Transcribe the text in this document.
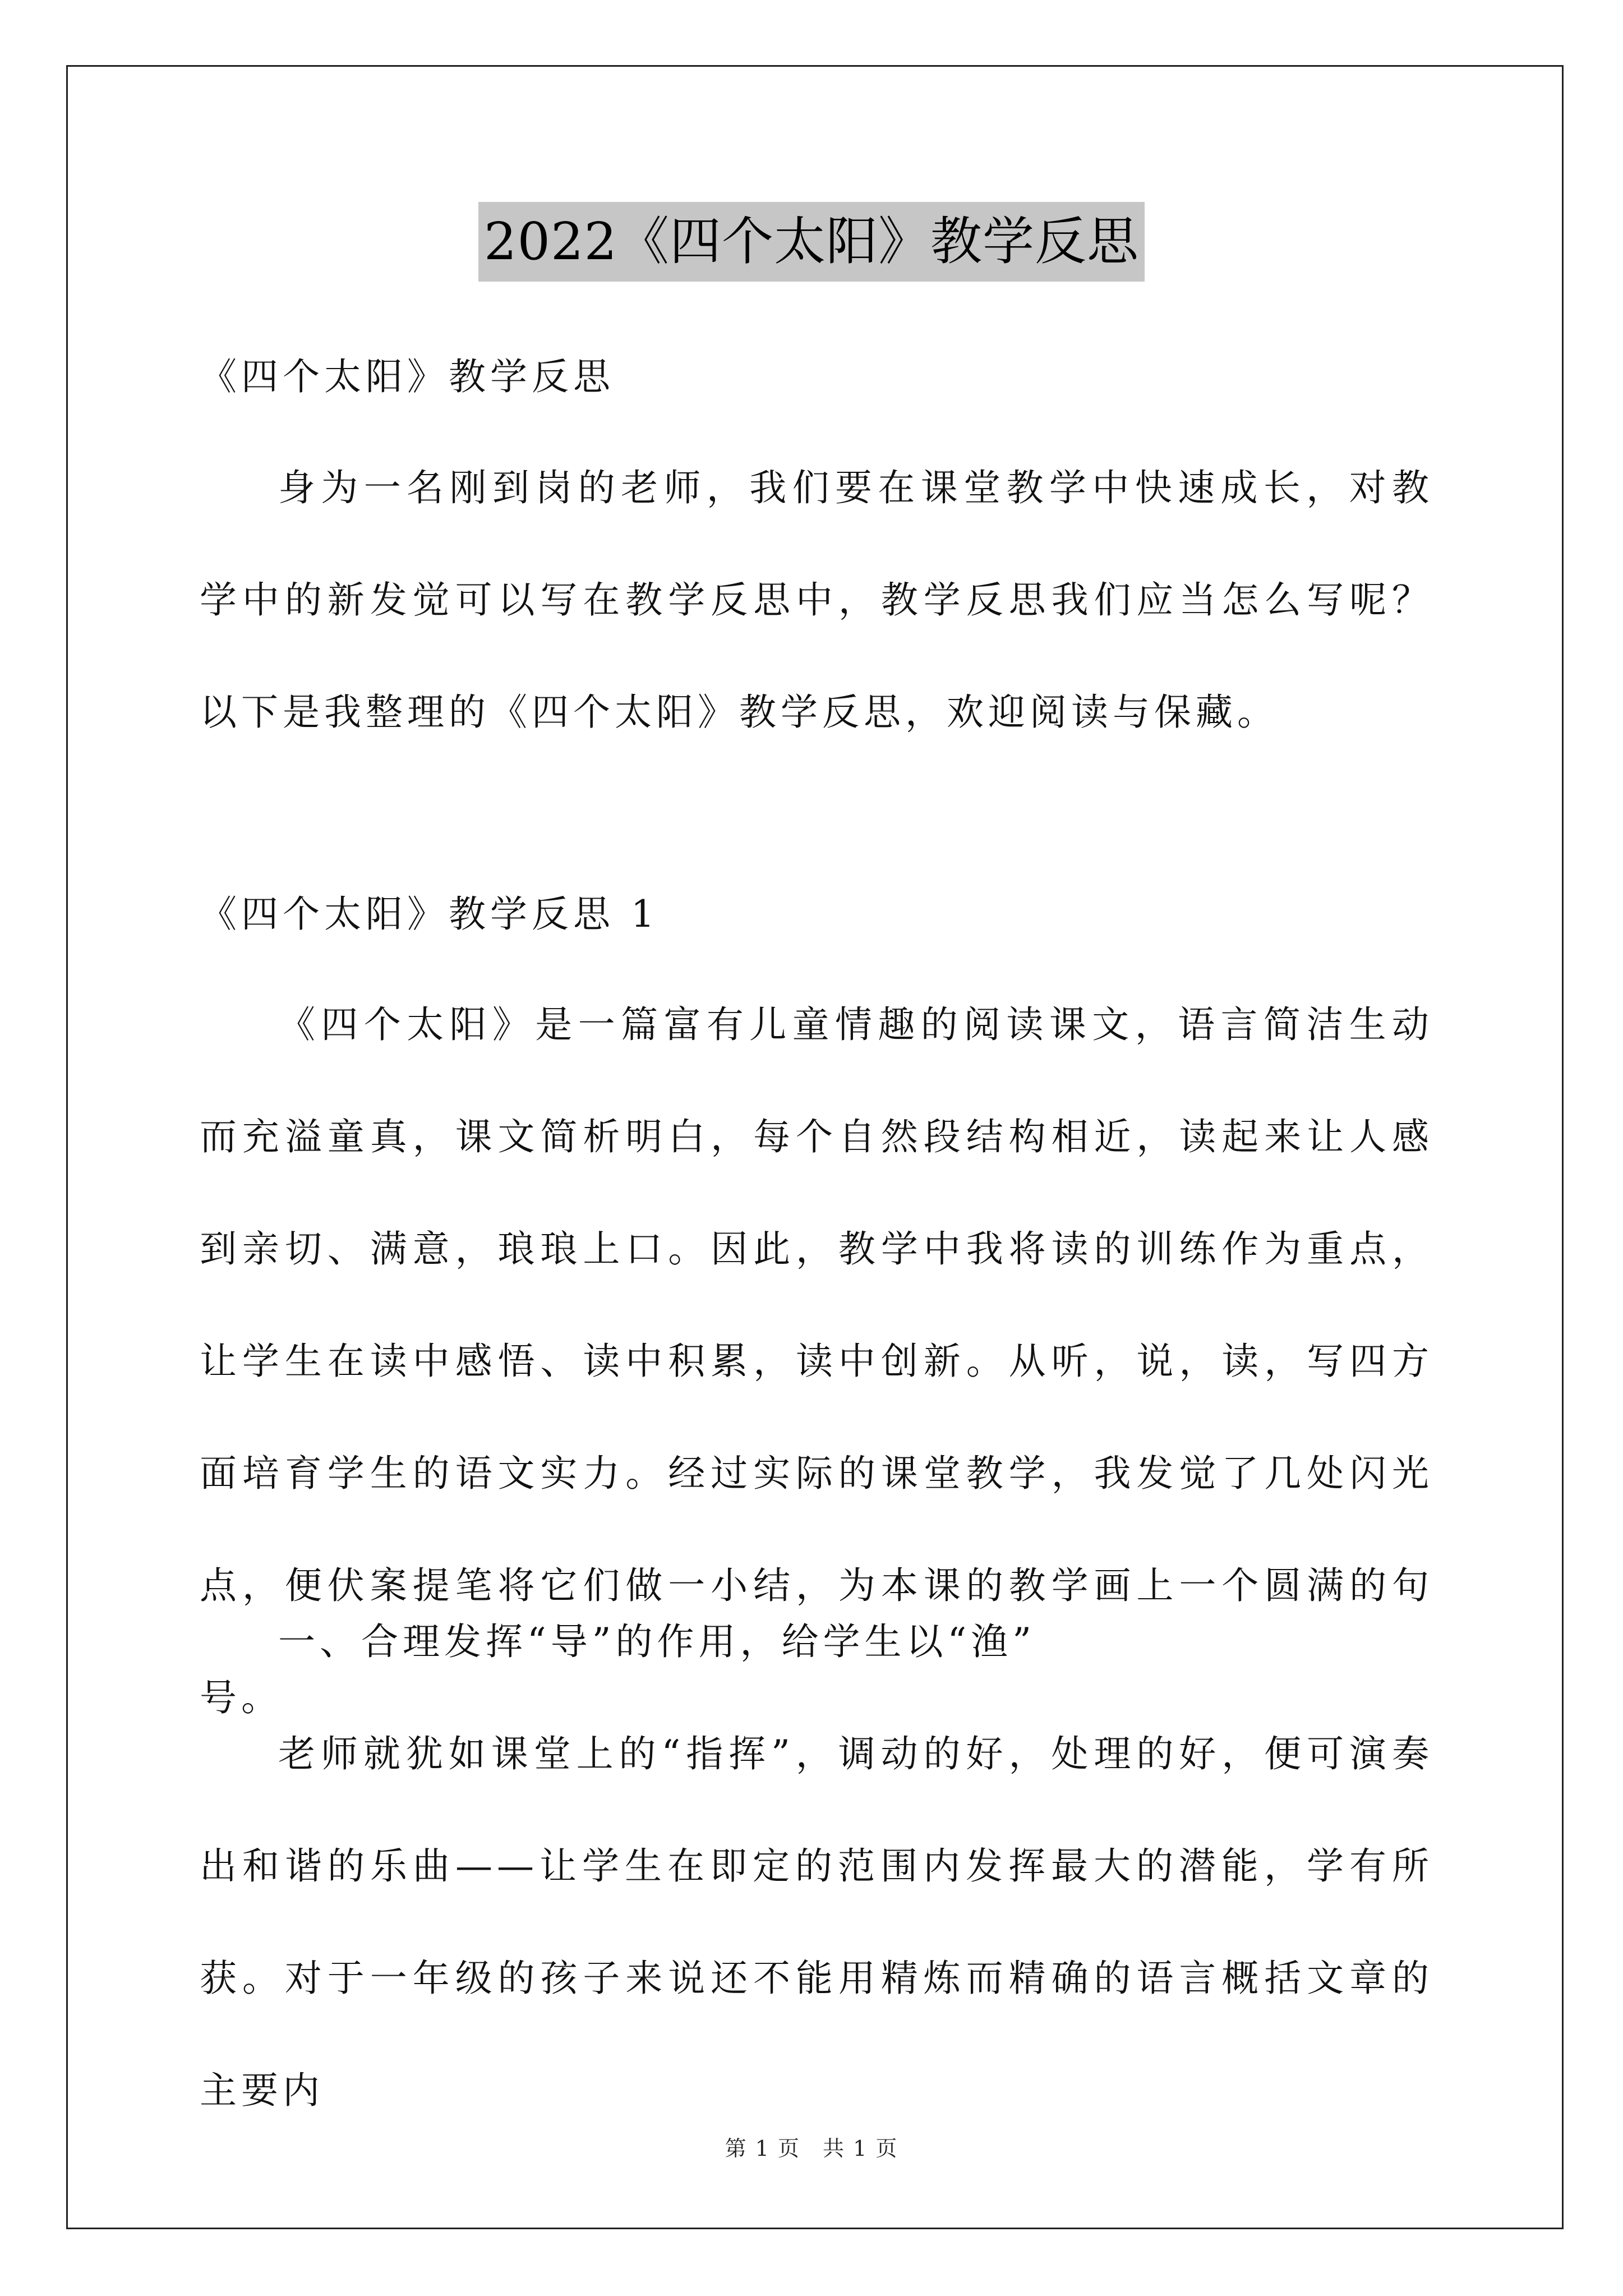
2022《四个太阳》教学反思

《四个太阳》教学反思

身为一名刚到岗的老师，我们要在课堂教学中快速成长，对教学中的新发觉可以写在教学反思中，教学反思我们应当怎么写呢？以下是我整理的《四个太阳》教学反思，欢迎阅读与保藏。

《四个太阳》教学反思 1

《四个太阳》是一篇富有儿童情趣的阅读课文，语言简洁生动而充溢童真，课文简析明白，每个自然段结构相近，读起来让人感到亲切、满意，琅琅上口。因此，教学中我将读的训练作为重点，让学生在读中感悟、读中积累，读中创新。从听，说，读，写四方面培育学生的语文实力。经过实际的课堂教学，我发觉了几处闪光点，便伏案提笔将它们做一小结，为本课的教学画上一个圆满的句号。

一、合理发挥“导”的作用，给学生以“渔”

老师就犹如课堂上的“指挥”，调动的好，处理的好，便可演奏出和谐的乐曲——让学生在即定的范围内发挥最大的潜能，学有所获。对于一年级的孩子来说还不能用精炼而精确的语言概括文章的主要内

第 1 页　共 1 页
